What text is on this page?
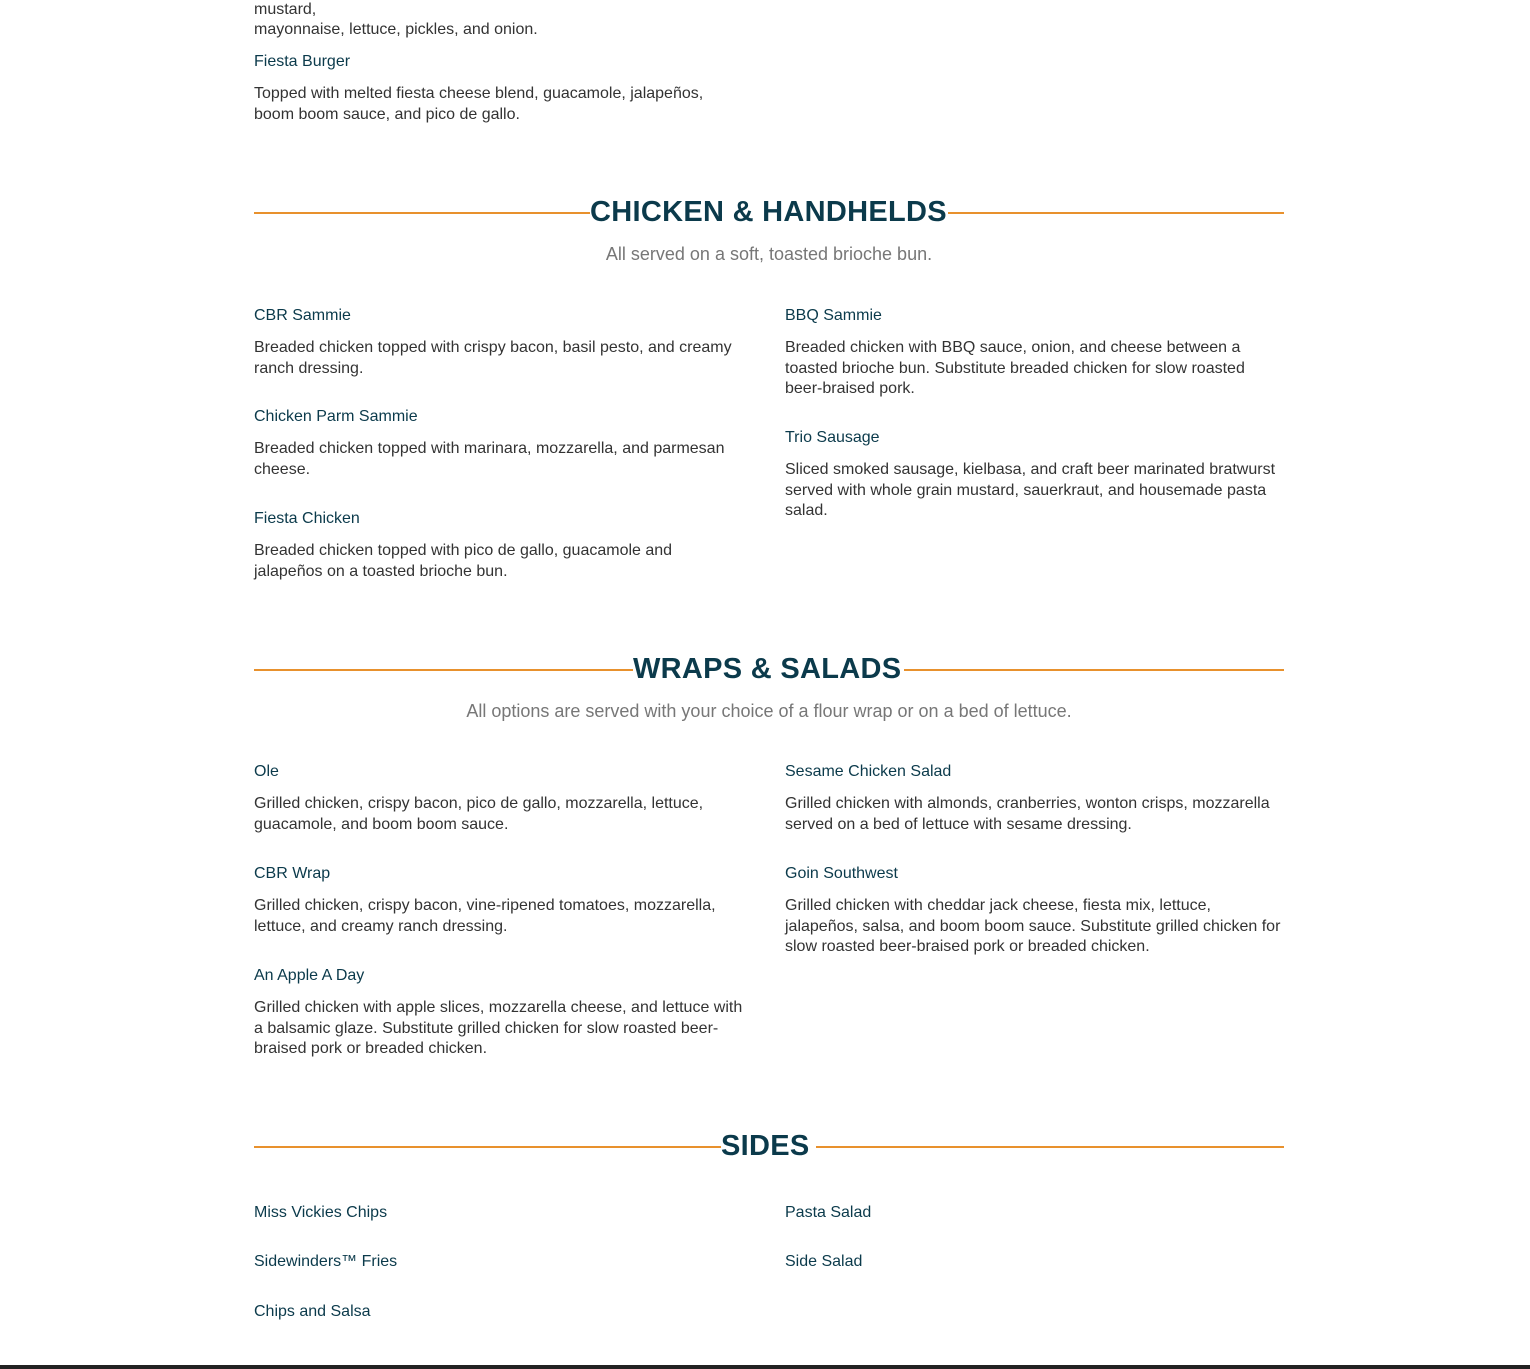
mustard,

mayonnaise, lettuce, pickles, and onion.

Fiesta Burger

Topped with melted fiesta cheese blend, guacamole, jalapeños, boom boom sauce, and pico de gallo.

CHICKEN & HANDHELDS
All served on a soft, toasted brioche bun.

CBR Sammie

Breaded chicken topped with crispy bacon, basil pesto, and creamy ranch dressing.

Chicken Parm Sammie

Breaded chicken topped with marinara, mozzarella, and parmesan cheese.

Fiesta Chicken

Breaded chicken topped with pico de gallo, guacamole and jalapeños on a toasted brioche bun.

BBQ Sammie

Breaded chicken with BBQ sauce, onion, and cheese between a toasted brioche bun. Substitute breaded chicken for slow roasted beer-braised pork.

Trio Sausage

Sliced smoked sausage, kielbasa, and craft beer marinated bratwurst served with whole grain mustard, sauerkraut, and housemade pasta salad.

WRAPS & SALADS
All options are served with your choice of a flour wrap or on a bed of lettuce.

Ole

Grilled chicken, crispy bacon, pico de gallo, mozzarella, lettuce, guacamole, and boom boom sauce.

CBR Wrap

Grilled chicken, crispy bacon, vine-ripened tomatoes, mozzarella, lettuce, and creamy ranch dressing.

An Apple A Day

Grilled chicken with apple slices, mozzarella cheese, and lettuce with a balsamic glaze. Substitute grilled chicken for slow roasted beer-braised pork or breaded chicken.

Sesame Chicken Salad

Grilled chicken with almonds, cranberries, wonton crisps, mozzarella served on a bed of lettuce with sesame dressing.

Goin Southwest

Grilled chicken with cheddar jack cheese, fiesta mix, lettuce, jalapeños, salsa, and boom boom sauce. Substitute grilled chicken for slow roasted beer-braised pork or breaded chicken.

SIDES

Miss Vickies Chips

Sidewinders™ Fries

Chips and Salsa

Pasta Salad

Side Salad
